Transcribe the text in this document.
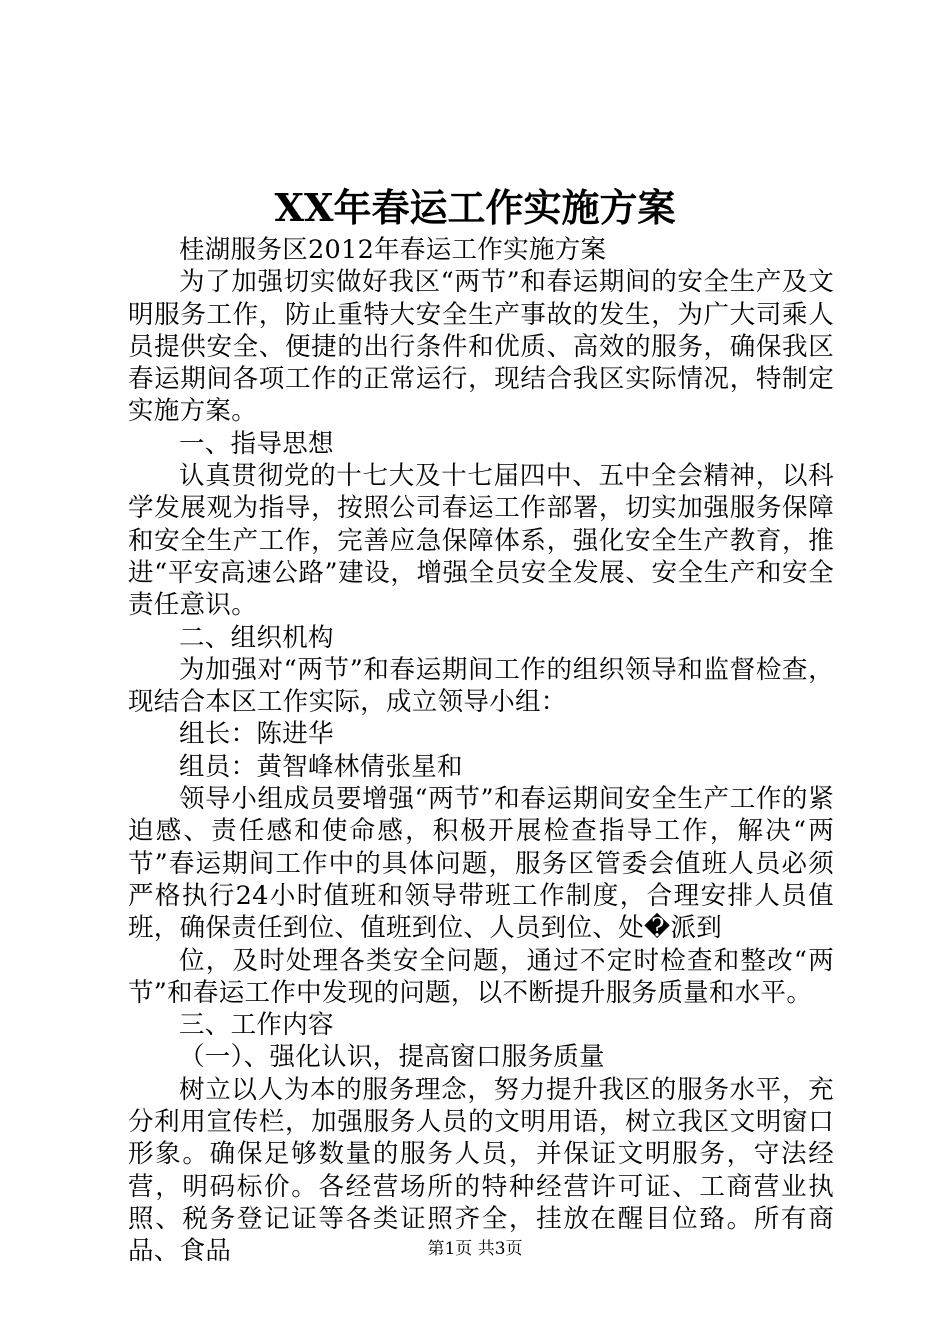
XX年春运工作实施方案

桂湖服务区2012年春运工作实施方案

为了加强切实做好我区“两节”和春运期间的安全生产及文明服务工作，防止重特大安全生产事故的发生，为广大司乘人员提供安全、便捷的出行条件和优质、高效的服务，确保我区春运期间各项工作的正常运行，现结合我区实际情况，特制定实施方案。

一、指导思想

认真贯彻党的十七大及十七届四中、五中全会精神，以科学发展观为指导，按照公司春运工作部署，切实加强服务保障和安全生产工作，完善应急保障体系，强化安全生产教育，推进“平安高速公路”建设，增强全员安全发展、安全生产和安全责任意识。

二、组织机构

为加强对“两节”和春运期间工作的组织领导和监督检查，现结合本区工作实际，成立领导小组：

组长：陈进华

组员：黄智峰林倩张星和

领导小组成员要增强“两节”和春运期间安全生产工作的紧迫感、责任感和使命感，积极开展检查指导工作，解决“两节”春运期间工作中的具体问题，服务区管委会值班人员必须严格执行24小时值班和领导带班工作制度，合理安排人员值班，确保责任到位、值班到位、人员到位、处�派到

位，及时处理各类安全问题，通过不定时检查和整改“两节”和春运工作中发现的问题，以不断提升服务质量和水平。

三、工作内容

（一）、强化认识，提高窗口服务质量

树立以人为本的服务理念，努力提升我区的服务水平，充分利用宣传栏，加强服务人员的文明用语，树立我区文明窗口形象。确保足够数量的服务人员，并保证文明服务，守法经营，明码标价。各经营场所的特种经营许可证、工商营业执照、税务登记证等各类证照齐全，挂放在醒目位臵。所有商品、食品	第1页 共3页
